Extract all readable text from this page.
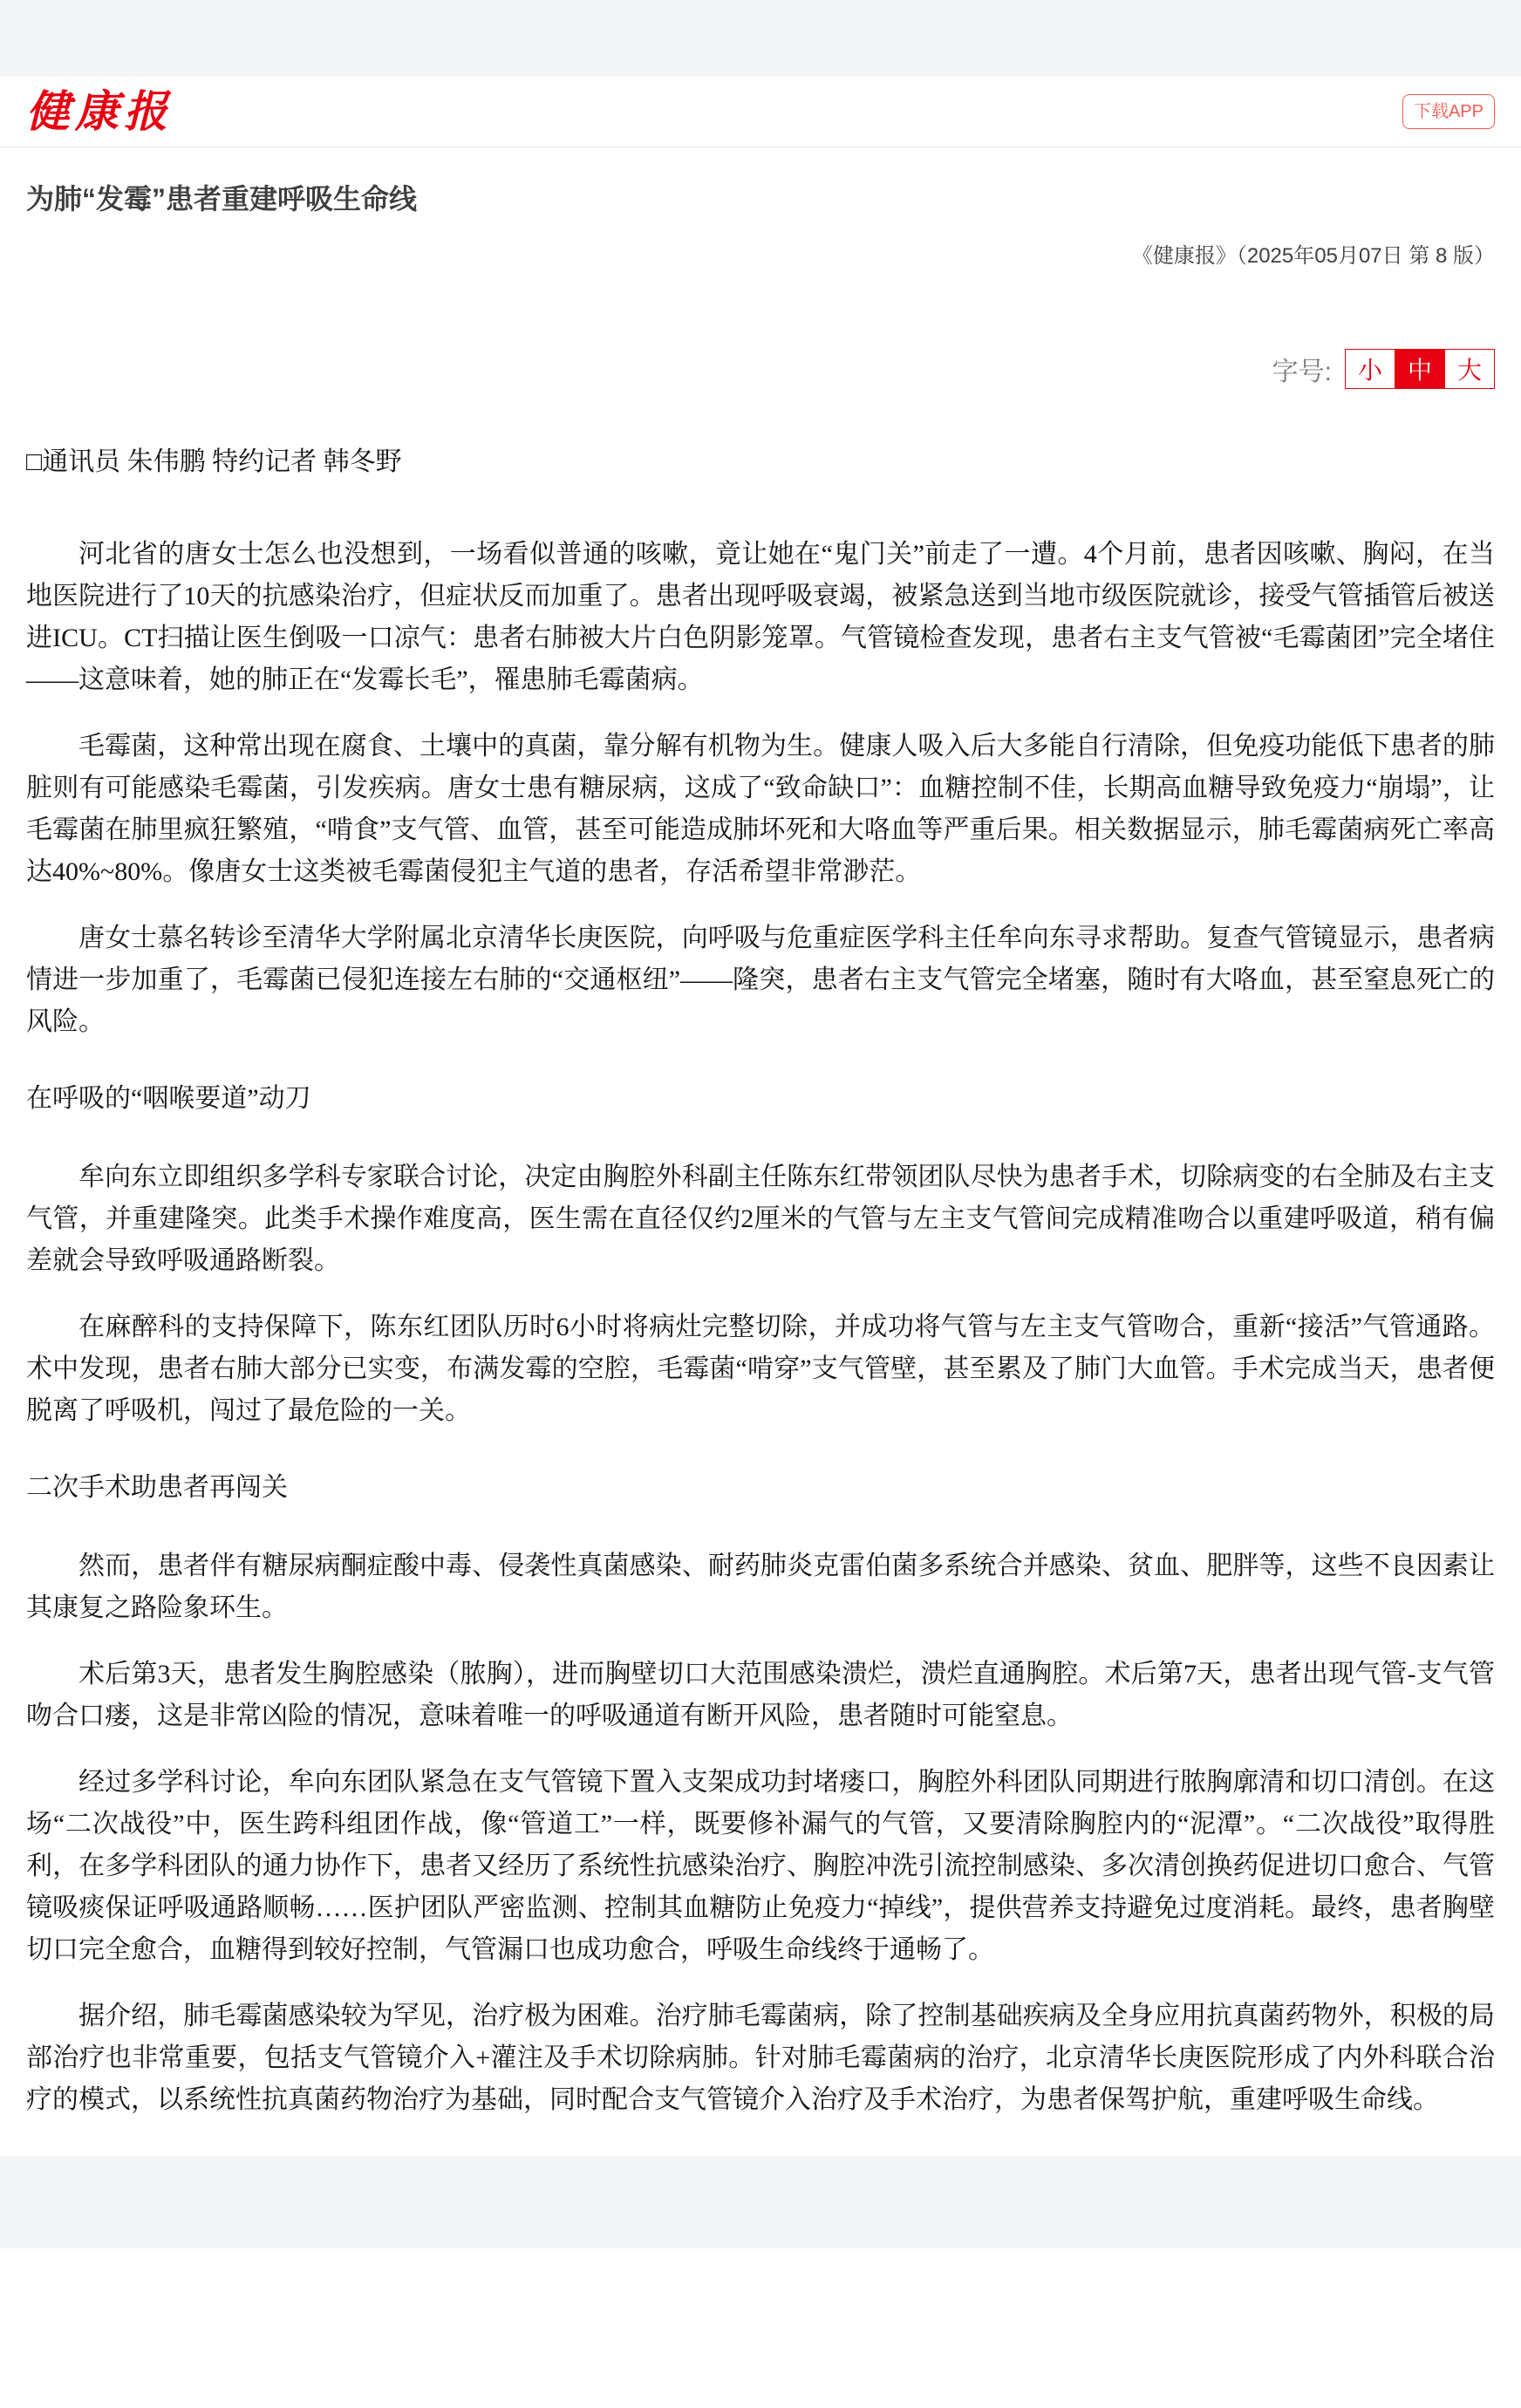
健康报	下载APP
为肺“发霉”患者重建呼吸生命线
《健康报》（2025年05月07日 第 8 版）
字号:	小	中	大
□通讯员 朱伟鹏 特约记者 韩冬野

河北省的唐女士怎么也没想到，一场看似普通的咳嗽，竟让她在“鬼门关”前走了一遭。4个月前，患者因咳嗽、胸闷，在当地医院进行了10天的抗感染治疗，但症状反而加重了。患者出现呼吸衰竭，被紧急送到当地市级医院就诊，接受气管插管后被送进ICU。CT扫描让医生倒吸一口凉气：患者右肺被大片白色阴影笼罩。气管镜检查发现，患者右主支气管被“毛霉菌团”完全堵住——这意味着，她的肺正在“发霉长毛”，罹患肺毛霉菌病。

毛霉菌，这种常出现在腐食、土壤中的真菌，靠分解有机物为生。健康人吸入后大多能自行清除，但免疫功能低下患者的肺脏则有可能感染毛霉菌，引发疾病。唐女士患有糖尿病，这成了“致命缺口”：血糖控制不佳，长期高血糖导致免疫力“崩塌”，让毛霉菌在肺里疯狂繁殖，“啃食”支气管、血管，甚至可能造成肺坏死和大咯血等严重后果。相关数据显示，肺毛霉菌病死亡率高达40%~80%。像唐女士这类被毛霉菌侵犯主气道的患者，存活希望非常渺茫。

唐女士慕名转诊至清华大学附属北京清华长庚医院，向呼吸与危重症医学科主任牟向东寻求帮助。复查气管镜显示，患者病情进一步加重了，毛霉菌已侵犯连接左右肺的“交通枢纽”——隆突，患者右主支气管完全堵塞，随时有大咯血，甚至窒息死亡的风险。

在呼吸的“咽喉要道”动刀

牟向东立即组织多学科专家联合讨论，决定由胸腔外科副主任陈东红带领团队尽快为患者手术，切除病变的右全肺及右主支气管，并重建隆突。此类手术操作难度高，医生需在直径仅约2厘米的气管与左主支气管间完成精准吻合以重建呼吸道，稍有偏差就会导致呼吸通路断裂。

在麻醉科的支持保障下，陈东红团队历时6小时将病灶完整切除，并成功将气管与左主支气管吻合，重新“接活”气管通路。术中发现，患者右肺大部分已实变，布满发霉的空腔，毛霉菌“啃穿”支气管壁，甚至累及了肺门大血管。手术完成当天，患者便脱离了呼吸机，闯过了最危险的一关。

二次手术助患者再闯关

然而，患者伴有糖尿病酮症酸中毒、侵袭性真菌感染、耐药肺炎克雷伯菌多系统合并感染、贫血、肥胖等，这些不良因素让其康复之路险象环生。

术后第3天，患者发生胸腔感染（脓胸），进而胸壁切口大范围感染溃烂，溃烂直通胸腔。术后第7天，患者出现气管-支气管吻合口瘘，这是非常凶险的情况，意味着唯一的呼吸通道有断开风险，患者随时可能窒息。

经过多学科讨论，牟向东团队紧急在支气管镜下置入支架成功封堵瘘口，胸腔外科团队同期进行脓胸廓清和切口清创。在这场“二次战役”中，医生跨科组团作战，像“管道工”一样，既要修补漏气的气管，又要清除胸腔内的“泥潭”。“二次战役”取得胜利，在多学科团队的通力协作下，患者又经历了系统性抗感染治疗、胸腔冲洗引流控制感染、多次清创换药促进切口愈合、气管镜吸痰保证呼吸通路顺畅……医护团队严密监测、控制其血糖防止免疫力“掉线”，提供营养支持避免过度消耗。最终，患者胸壁切口完全愈合，血糖得到较好控制，气管漏口也成功愈合，呼吸生命线终于通畅了。

据介绍，肺毛霉菌感染较为罕见，治疗极为困难。治疗肺毛霉菌病，除了控制基础疾病及全身应用抗真菌药物外，积极的局部治疗也非常重要，包括支气管镜介入+灌注及手术切除病肺。针对肺毛霉菌病的治疗，北京清华长庚医院形成了内外科联合治疗的模式，以系统性抗真菌药物治疗为基础，同时配合支气管镜介入治疗及手术治疗，为患者保驾护航，重建呼吸生命线。
